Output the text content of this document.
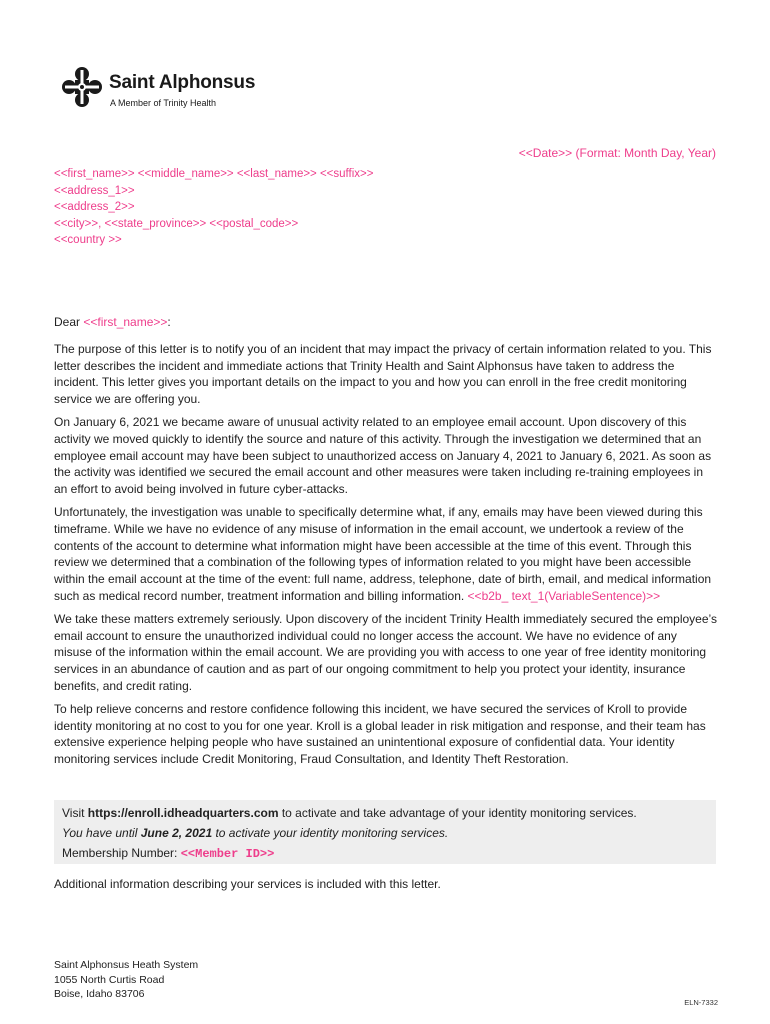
Saint Alphonsus
A Member of Trinity Health
<<Date>> (Format: Month Day, Year)
<<first_name>> <<middle_name>> <<last_name>> <<suffix>>
<<address_1>>
<<address_2>>
<<city>>, <<state_province>> <<postal_code>>
<<country >>

Dear <<first_name>>:

The purpose of this letter is to notify you of an incident that may impact the privacy of certain information related to you. This letter describes the incident and immediate actions that Trinity Health and Saint Alphonsus have taken to address the incident. This letter gives you important details on the impact to you and how you can enroll in the free credit monitoring service we are offering you.

On January 6, 2021 we became aware of unusual activity related to an employee email account. Upon discovery of this activity we moved quickly to identify the source and nature of this activity. Through the investigation we determined that an employee email account may have been subject to unauthorized access on January 4, 2021 to January 6, 2021. As soon as the activity was identified we secured the email account and other measures were taken including re-training employees in an effort to avoid being involved in future cyber-attacks.

Unfortunately, the investigation was unable to specifically determine what, if any, emails may have been viewed during this timeframe. While we have no evidence of any misuse of information in the email account, we undertook a review of the contents of the account to determine what information might have been accessible at the time of this event. Through this review we determined that a combination of the following types of information related to you might have been accessible within the email account at the time of the event: full name, address, telephone, date of birth, email, and medical information such as medical record number, treatment information and billing information. <<b2b_ text_1(VariableSentence)>>

We take these matters extremely seriously. Upon discovery of the incident Trinity Health immediately secured the employee’s email account to ensure the unauthorized individual could no longer access the account. We have no evidence of any misuse of the information within the email account. We are providing you with access to one year of free identity monitoring services in an abundance of caution and as part of our ongoing commitment to help you protect your identity, insurance benefits, and credit rating.

To help relieve concerns and restore confidence following this incident, we have secured the services of Kroll to provide identity monitoring at no cost to you for one year. Kroll is a global leader in risk mitigation and response, and their team has extensive experience helping people who have sustained an unintentional exposure of confidential data. Your identity monitoring services include Credit Monitoring, Fraud Consultation, and Identity Theft Restoration.

Visit https://enroll.idheadquarters.com to activate and take advantage of your identity monitoring services.
You have until June 2, 2021 to activate your identity monitoring services.
Membership Number: <<Member ID>>
Additional information describing your services is included with this letter.
Saint Alphonsus Heath System
1055 North Curtis Road
Boise, Idaho 83706
ELN-7332
